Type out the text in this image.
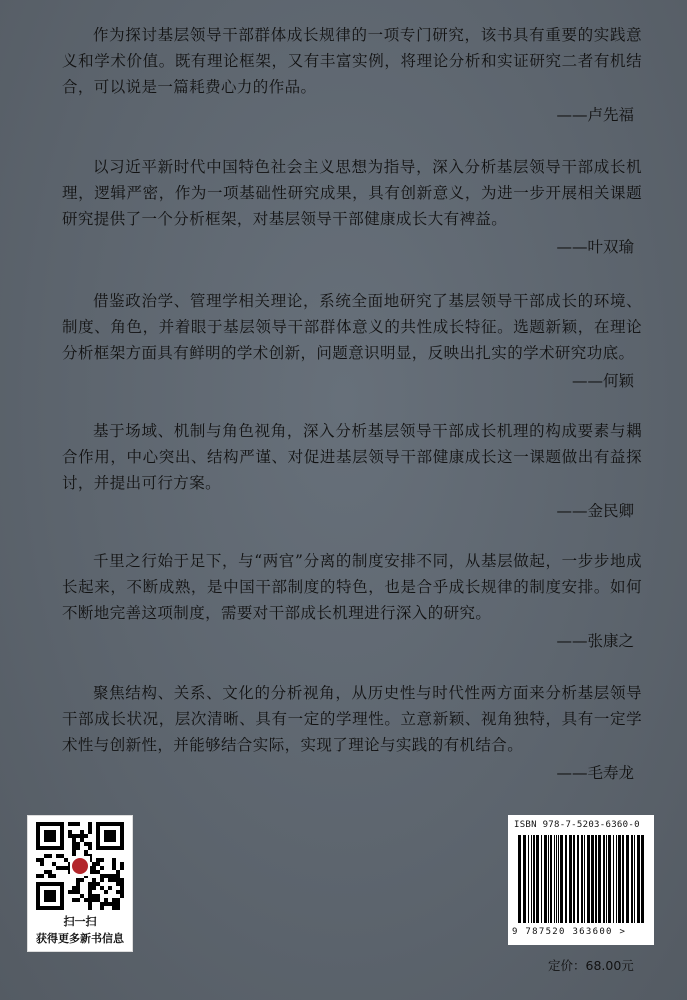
作为探讨基层领导干部群体成长规律的一项专门研究，该书具有重要的实践意义和学术价值。既有理论框架，又有丰富实例，将理论分析和实证研究二者有机结合，可以说是一篇耗费心力的作品。

——卢先福

以习近平新时代中国特色社会主义思想为指导，深入分析基层领导干部成长机理，逻辑严密，作为一项基础性研究成果，具有创新意义，为进一步开展相关课题研究提供了一个分析框架，对基层领导干部健康成长大有裨益。

——叶双瑜

借鉴政治学、管理学相关理论，系统全面地研究了基层领导干部成长的环境、制度、角色，并着眼于基层领导干部群体意义的共性成长特征。选题新颖，在理论分析框架方面具有鲜明的学术创新，问题意识明显，反映出扎实的学术研究功底。

——何颖

基于场域、机制与角色视角，深入分析基层领导干部成长机理的构成要素与耦合作用，中心突出、结构严谨、对促进基层领导干部健康成长这一课题做出有益探讨，并提出可行方案。

——金民卿

千里之行始于足下，与“两官”分离的制度安排不同，从基层做起，一步步地成长起来，不断成熟，是中国干部制度的特色，也是合乎成长规律的制度安排。如何不断地完善这项制度，需要对干部成长机理进行深入的研究。

——张康之

聚焦结构、关系、文化的分析视角，从历史性与时代性两方面来分析基层领导干部成长状况，层次清晰、具有一定的学理性。立意新颖、视角独特，具有一定学术性与创新性，并能够结合实际，实现了理论与实践的有机结合。

——毛寿龙
扫一扫
获得更多新书信息
ISBN 978-7-5203-6360-0
9 787520 363600 >
定价：68.00元
